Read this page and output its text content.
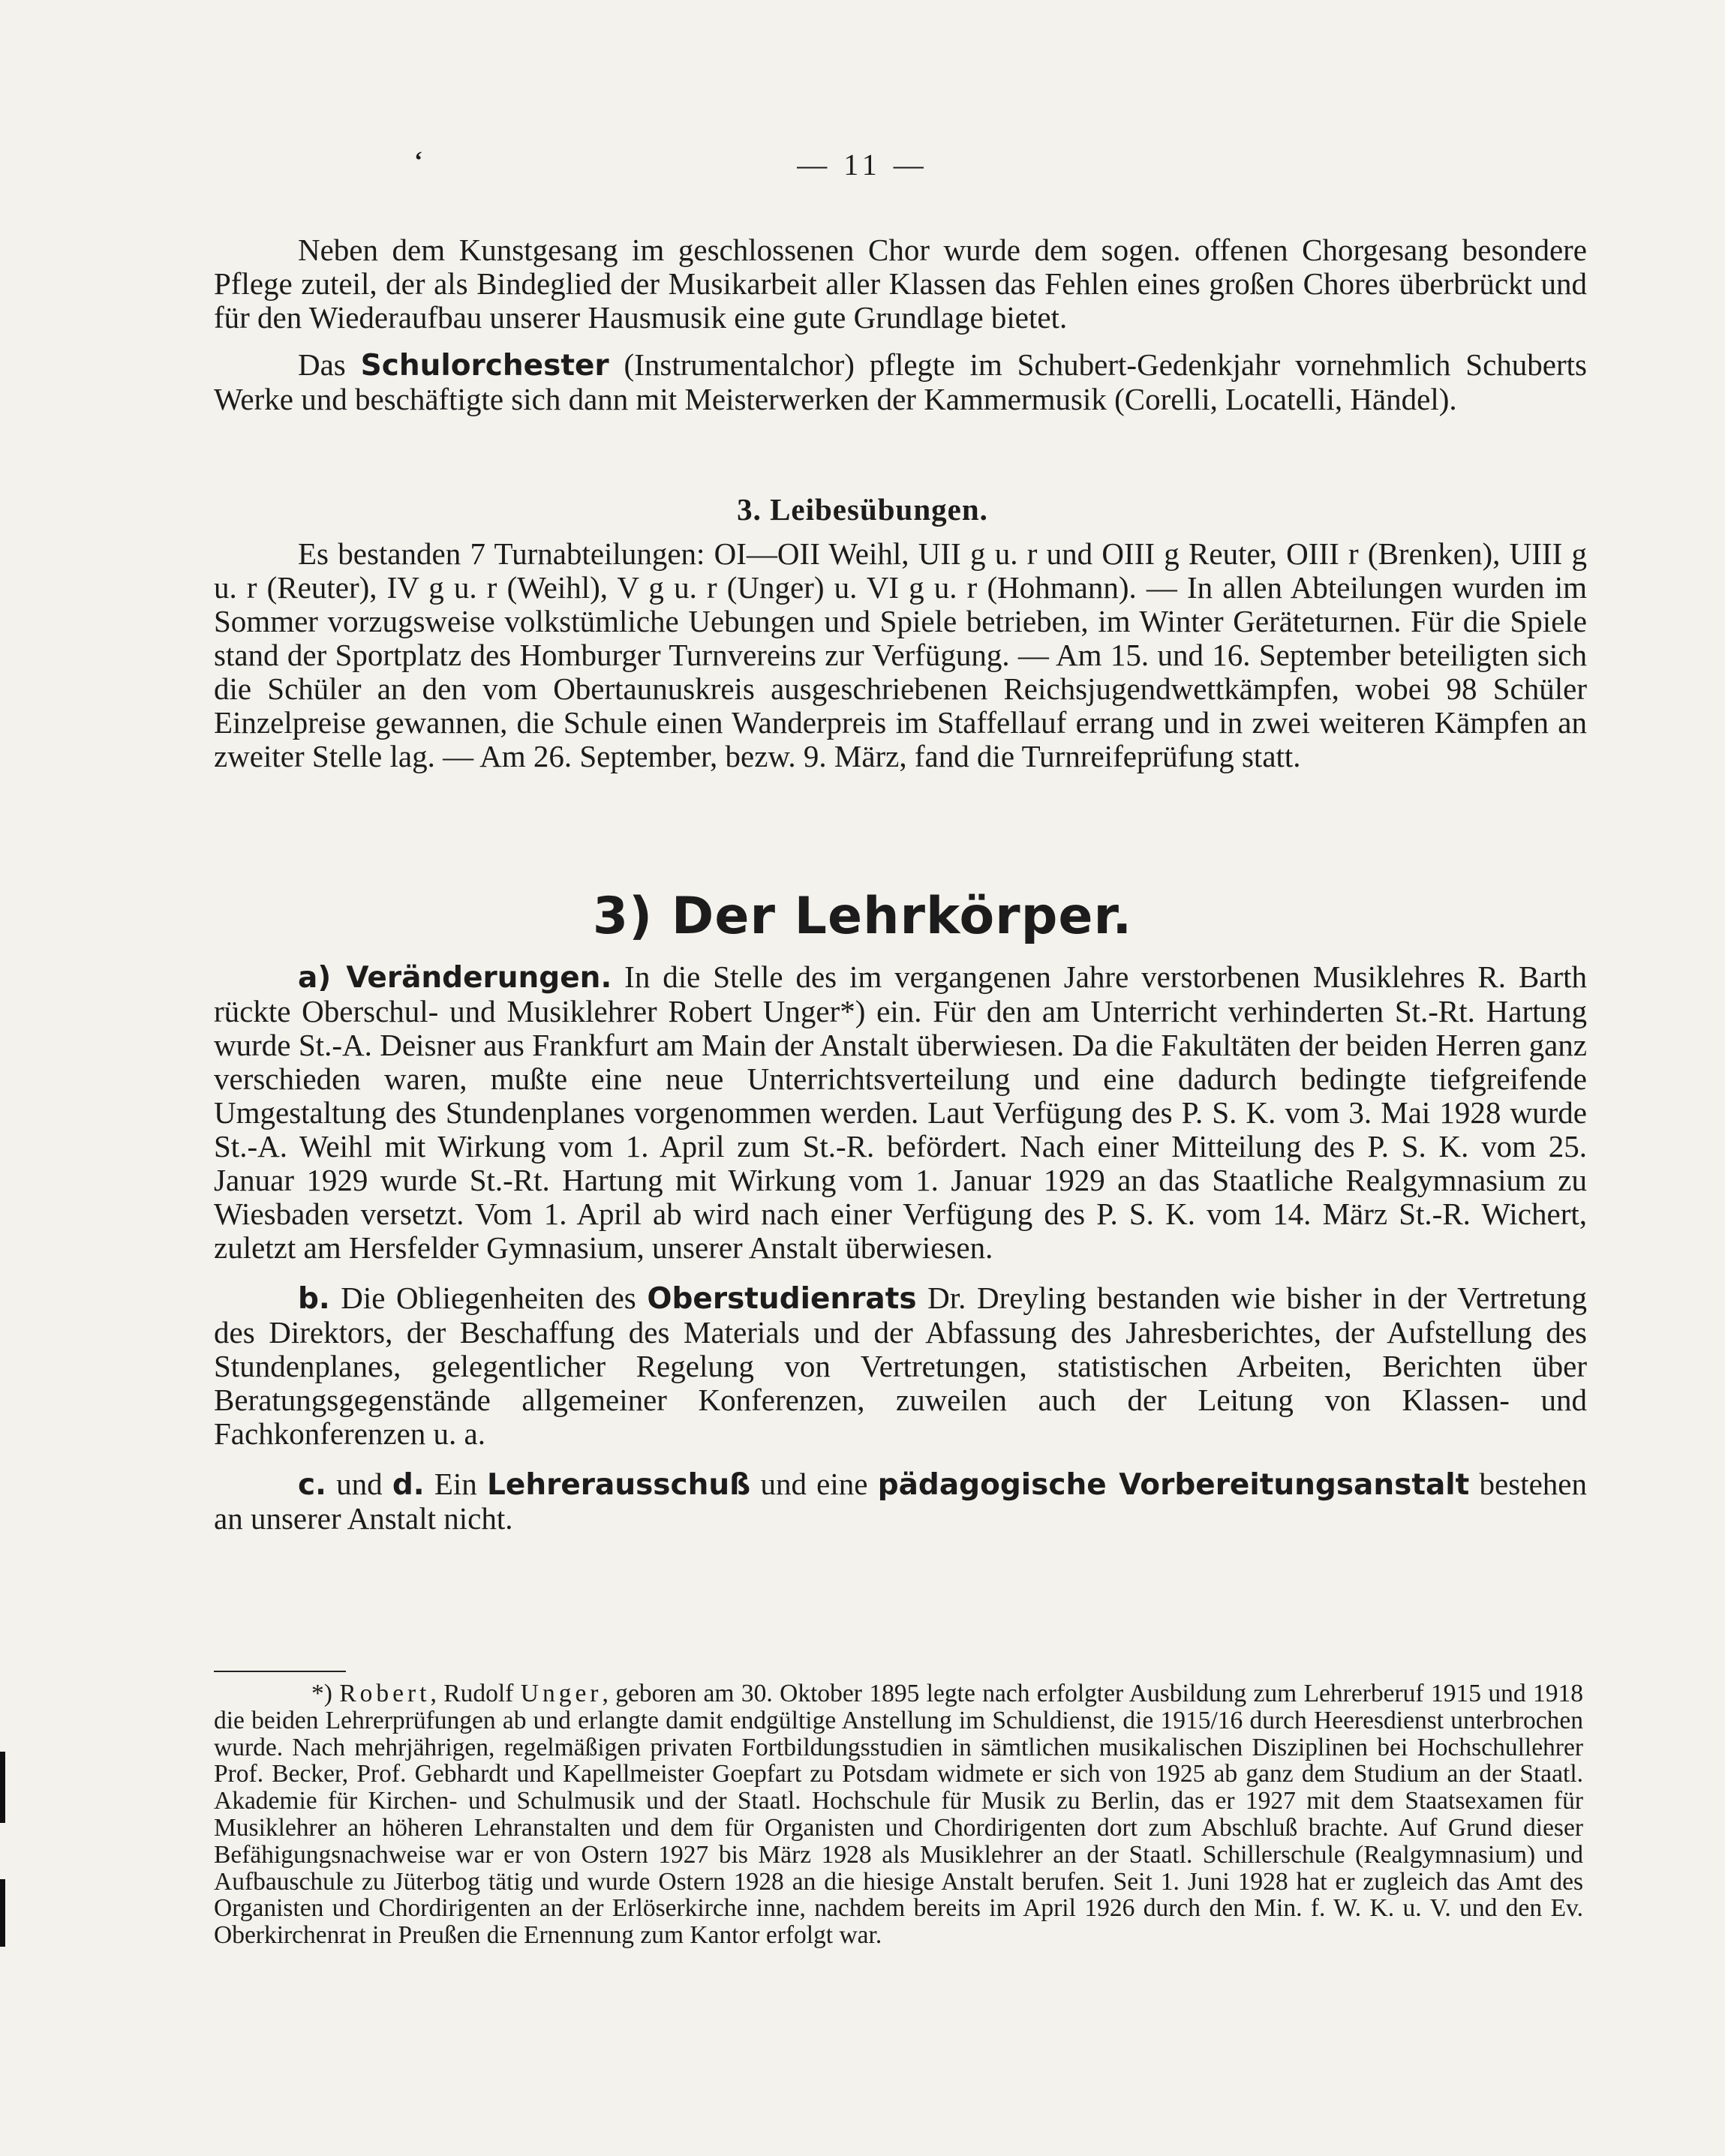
ʻ	— 11 —

Neben dem Kunstgesang im geschlossenen Chor wurde dem sogen. offenen Chorgesang besondere Pflege zuteil, der als Bindeglied der Musikarbeit aller Klassen das Fehlen eines großen Chores überbrückt und für den Wiederaufbau unserer Hausmusik eine gute Grundlage bietet.

Das Schulorchester (Instrumentalchor) pflegte im Schubert-Gedenkjahr vornehmlich Schuberts Werke und beschäftigte sich dann mit Meisterwerken der Kammermusik (Corelli, Locatelli, Händel).

3. Leibesübungen.

Es bestanden 7 Turnabteilungen: OI—OII Weihl, UII g u. r und OIII g Reuter, OIII r (Brenken), UIII g u. r (Reuter), IV g u. r (Weihl), V g u. r (Unger) u. VI g u. r (Hohmann). — In allen Abteilungen wurden im Sommer vorzugsweise volkstümliche Uebungen und Spiele betrieben, im Winter Geräteturnen. Für die Spiele stand der Sportplatz des Homburger Turnvereins zur Verfügung. — Am 15. und 16. September beteiligten sich die Schüler an den vom Obertaunuskreis ausgeschriebenen Reichsjugendwettkämpfen, wobei 98 Schüler Einzelpreise gewannen, die Schule einen Wanderpreis im Staffellauf errang und in zwei weiteren Kämpfen an zweiter Stelle lag. — Am 26. September, bezw. 9. März, fand die Turnreifeprüfung statt.

3) Der Lehrkörper.

a) Veränderungen. In die Stelle des im vergangenen Jahre verstorbenen Musiklehres R. Barth rückte Oberschul- und Musiklehrer Robert Unger*) ein. Für den am Unterricht verhinderten St.-Rt. Hartung wurde St.-A. Deisner aus Frankfurt am Main der Anstalt überwiesen. Da die Fakultäten der beiden Herren ganz verschieden waren, mußte eine neue Unterrichtsverteilung und eine dadurch bedingte tiefgreifende Umgestaltung des Stundenplanes vorgenommen werden. Laut Verfügung des P. S. K. vom 3. Mai 1928 wurde St.-A. Weihl mit Wirkung vom 1. April zum St.-R. befördert. Nach einer Mitteilung des P. S. K. vom 25. Januar 1929 wurde St.-Rt. Hartung mit Wirkung vom 1. Januar 1929 an das Staatliche Realgymnasium zu Wiesbaden versetzt. Vom 1. April ab wird nach einer Verfügung des P. S. K. vom 14. März St.-R. Wichert, zuletzt am Hersfelder Gymnasium, unserer Anstalt überwiesen.

b. Die Obliegenheiten des Oberstudienrats Dr. Dreyling bestanden wie bisher in der Vertretung des Direktors, der Beschaffung des Materials und der Abfassung des Jahresberichtes, der Aufstellung des Stundenplanes, gelegentlicher Regelung von Vertretungen, statistischen Arbeiten, Berichten über Beratungsgegenstände allgemeiner Konferenzen, zuweilen auch der Leitung von Klassen- und Fachkonferenzen u. a.

c. und d. Ein Lehrerausschuß und eine pädagogische Vorbereitungsanstalt bestehen an unserer Anstalt nicht.

*) Robert, Rudolf Unger, geboren am 30. Oktober 1895 legte nach erfolgter Ausbildung zum Lehrerberuf 1915 und 1918 die beiden Lehrerprüfungen ab und erlangte damit endgültige Anstellung im Schuldienst, die 1915/16 durch Heeresdienst unterbrochen wurde. Nach mehrjährigen, regelmäßigen privaten Fortbildungsstudien in sämtlichen musikalischen Disziplinen bei Hochschullehrer Prof. Becker, Prof. Gebhardt und Kapellmeister Goepfart zu Potsdam widmete er sich von 1925 ab ganz dem Studium an der Staatl. Akademie für Kirchen- und Schulmusik und der Staatl. Hochschule für Musik zu Berlin, das er 1927 mit dem Staatsexamen für Musiklehrer an höheren Lehranstalten und dem für Organisten und Chordirigenten dort zum Abschluß brachte. Auf Grund dieser Befähigungsnachweise war er von Ostern 1927 bis März 1928 als Musiklehrer an der Staatl. Schillerschule (Realgymnasium) und Aufbauschule zu Jüterbog tätig und wurde Ostern 1928 an die hiesige Anstalt berufen. Seit 1. Juni 1928 hat er zugleich das Amt des Organisten und Chordirigenten an der Erlöserkirche inne, nachdem bereits im April 1926 durch den Min. f. W. K. u. V. und den Ev. Oberkirchenrat in Preußen die Ernennung zum Kantor erfolgt war.
